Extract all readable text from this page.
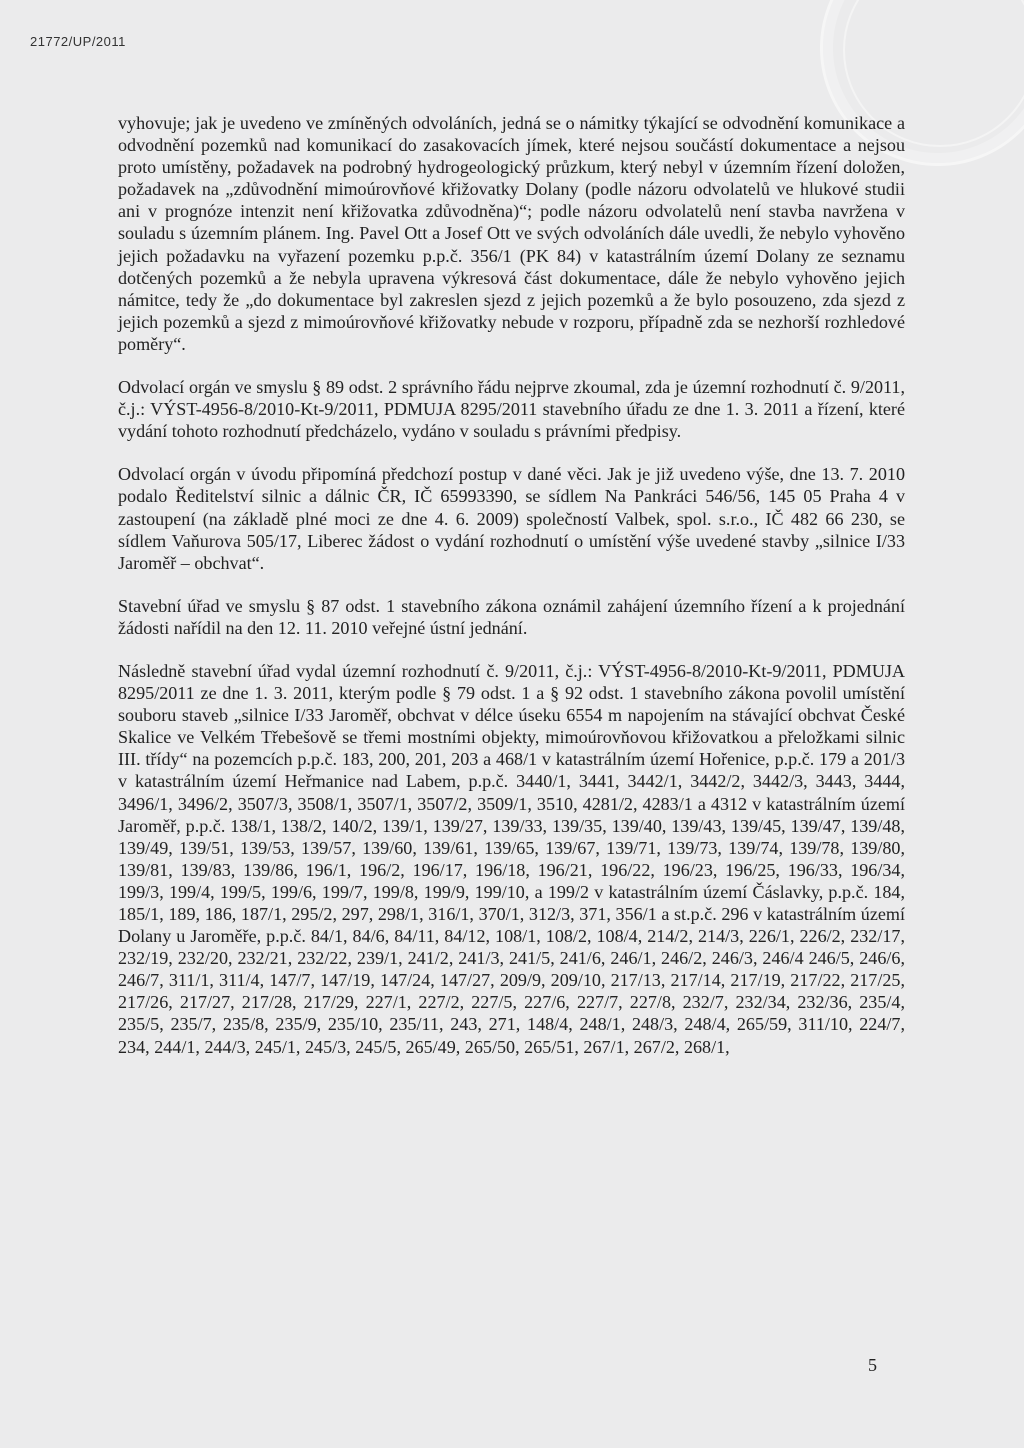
21772/UP/2011

vyhovuje; jak je uvedeno ve zmíněných odvoláních, jedná se o námitky týkající se odvodnění komunikace a odvodnění pozemků nad komunikací do zasakovacích jímek, které nejsou součástí dokumentace a nejsou proto umístěny, požadavek na podrobný hydrogeologický průzkum, který nebyl v územním řízení doložen, požadavek na „zdůvodnění mimoúrovňové křižovatky Dolany (podle názoru odvolatelů ve hlukové studii ani v prognóze intenzit není křižovatka zdůvodněna)“; podle názoru odvolatelů není stavba navržena v souladu s územním plánem. Ing. Pavel Ott a Josef Ott ve svých odvoláních dále uvedli, že nebylo vyhověno jejich požadavku na vyřazení pozemku p.p.č. 356/1 (PK 84) v katastrálním území Dolany ze seznamu dotčených pozemků a že nebyla upravena výkresová část dokumentace, dále že nebylo vyhověno jejich námitce, tedy že „do dokumentace byl zakreslen sjezd z jejich pozemků a že bylo posouzeno, zda sjezd z jejich pozemků a sjezd z mimoúrovňové křižovatky nebude v rozporu, případně zda se nezhorší rozhledové poměry“.

Odvolací orgán ve smyslu § 89 odst. 2 správního řádu nejprve zkoumal, zda je územní rozhodnutí č. 9/2011, č.j.: VÝST-4956-8/2010-Kt-9/2011, PDMUJA 8295/2011 stavebního úřadu ze dne 1. 3. 2011 a řízení, které vydání tohoto rozhodnutí předcházelo, vydáno v souladu s právními předpisy.

Odvolací orgán v úvodu připomíná předchozí postup v dané věci. Jak je již uvedeno výše, dne 13. 7. 2010 podalo Ředitelství silnic a dálnic ČR, IČ 65993390, se sídlem Na Pankráci 546/56, 145 05 Praha 4 v zastoupení (na základě plné moci ze dne 4. 6. 2009) společností Valbek, spol. s.r.o., IČ 482 66 230, se sídlem Vaňurova 505/17, Liberec žádost o vydání rozhodnutí o umístění výše uvedené stavby „silnice I/33 Jaroměř – obchvat“.

Stavební úřad ve smyslu § 87 odst. 1 stavebního zákona oznámil zahájení územního řízení a k projednání žádosti nařídil na den 12. 11. 2010 veřejné ústní jednání.

Následně stavební úřad vydal územní rozhodnutí č. 9/2011, č.j.: VÝST-4956-8/2010-Kt-9/2011, PDMUJA 8295/2011 ze dne 1. 3. 2011, kterým podle § 79 odst. 1 a § 92 odst. 1 stavebního zákona povolil umístění souboru staveb „silnice I/33 Jaroměř, obchvat v délce úseku 6554 m napojením na stávající obchvat České Skalice ve Velkém Třebešově se třemi mostními objekty, mimoúrovňovou křižovatkou a přeložkami silnic III. třídy“ na pozemcích p.p.č. 183, 200, 201, 203 a 468/1 v katastrálním území Hořenice, p.p.č. 179 a 201/3 v katastrálním území Heřmanice nad Labem, p.p.č. 3440/1, 3441, 3442/1, 3442/2, 3442/3, 3443, 3444, 3496/1, 3496/2, 3507/3, 3508/1, 3507/1, 3507/2, 3509/1, 3510, 4281/2, 4283/1 a 4312 v katastrálním území Jaroměř, p.p.č. 138/1, 138/2, 140/2, 139/1, 139/27, 139/33, 139/35, 139/40, 139/43, 139/45, 139/47, 139/48, 139/49, 139/51, 139/53, 139/57, 139/60, 139/61, 139/65, 139/67, 139/71, 139/73, 139/74, 139/78, 139/80, 139/81, 139/83, 139/86, 196/1, 196/2, 196/17, 196/18, 196/21, 196/22, 196/23, 196/25, 196/33, 196/34, 199/3, 199/4, 199/5, 199/6, 199/7, 199/8, 199/9, 199/10, a 199/2 v katastrálním území Čáslavky, p.p.č. 184, 185/1, 189, 186, 187/1, 295/2, 297, 298/1, 316/1, 370/1, 312/3, 371, 356/1 a st.p.č. 296 v katastrálním území Dolany u Jaroměře, p.p.č. 84/1, 84/6, 84/11, 84/12, 108/1, 108/2, 108/4, 214/2, 214/3, 226/1, 226/2, 232/17, 232/19, 232/20, 232/21, 232/22, 239/1, 241/2, 241/3, 241/5, 241/6, 246/1, 246/2, 246/3, 246/4 246/5, 246/6, 246/7, 311/1, 311/4, 147/7, 147/19, 147/24, 147/27, 209/9, 209/10, 217/13, 217/14, 217/19, 217/22, 217/25, 217/26, 217/27, 217/28, 217/29, 227/1, 227/2, 227/5, 227/6, 227/7, 227/8, 232/7, 232/34, 232/36, 235/4, 235/5, 235/7, 235/8, 235/9, 235/10, 235/11, 243, 271, 148/4, 248/1, 248/3, 248/4, 265/59, 311/10, 224/7, 234, 244/1, 244/3, 245/1, 245/3, 245/5, 265/49, 265/50, 265/51, 267/1, 267/2, 268/1,

5
